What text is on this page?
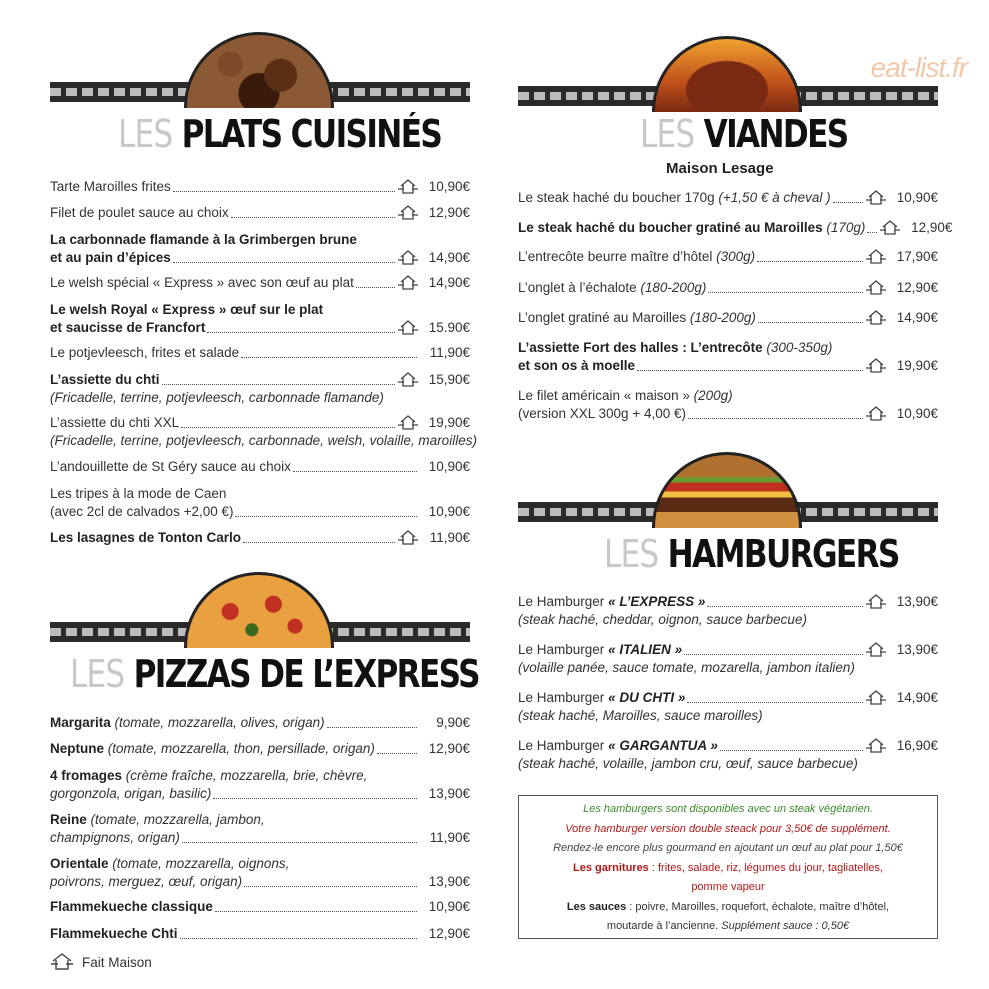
eat-list.fr
LES PLATS CUISINÉS
LES PIZZAS DE L’EXPRESS
Fait Maison
LES VIANDES
Maison Lesage
LES HAMBURGERS
Les hamburgers sont disponibles avec un steak végétarien.
Votre hamburger version double steack pour 3,50€ de supplément.
Rendez-le encore plus gourmand en ajoutant un œuf au plat pour 1,50€
Les garnitures : frites, salade, riz, légumes du jour, tagliatelles,
pomme vapeur
Les sauces : poivre, Maroilles, roquefort, échalote, maître d’hôtel,
moutarde à l’ancienne. Supplément sauce : 0,50€
Tarte Maroilles frites	10,90€
Filet de poulet sauce au choix	12,90€
La carbonnade flamande à la Grimbergen brune
et au pain d’épices	14,90€
Le welsh spécial « Express » avec son œuf au plat	14,90€
Le welsh Royal « Express » œuf sur le plat
et saucisse de Francfort	15.90€
Le potjevleesch, frites et salade	11,90€
L’assiette du chti	15,90€
(Fricadelle, terrine, potjevleesch, carbonnade flamande)
L’assiette du chti XXL	19,90€
(Fricadelle, terrine, potjevleesch, carbonnade, welsh, volaille, maroilles)
L’andouillette de St Géry sauce au choix	10,90€
Les tripes à la mode de Caen
(avec 2cl de calvados +2,00 €)	10,90€
Les lasagnes de Tonton Carlo	11,90€
Margarita (tomate, mozzarella, olives, origan)	9,90€
Neptune (tomate, mozzarella, thon, persillade, origan)	12,90€
4 fromages (crème fraîche, mozzarella, brie, chèvre,
gorgonzola, origan, basilic)	13,90€
Reine (tomate, mozzarella, jambon,
champignons, origan)	11,90€
Orientale (tomate, mozzarella, oignons,
poivrons, merguez, œuf, origan)	13,90€
Flammekueche classique	10,90€
Flammekueche Chti	12,90€
Le steak haché du boucher 170g (+1,50 € à cheval )	10,90€
Le steak haché du boucher gratiné au Maroilles (170g)	12,90€
L’entrecôte beurre maître d’hôtel (300g)	17,90€
L’onglet à l’échalote (180-200g)	12,90€
L’onglet gratiné au Maroilles (180-200g)	14,90€
L’assiette Fort des halles : L’entrecôte (300-350g)
et son os à moelle	19,90€
Le filet américain « maison » (200g)
(version XXL 300g + 4,00 €)	10,90€
Le Hamburger « L’EXPRESS »	13,90€
(steak haché, cheddar, oignon, sauce barbecue)
Le Hamburger « ITALIEN »	13,90€
(volaille panée, sauce tomate, mozarella, jambon italien)
Le Hamburger « DU CHTI »	14,90€
(steak haché, Maroilles, sauce maroilles)
Le Hamburger « GARGANTUA »	16,90€
(steak haché, volaille, jambon cru, œuf, sauce barbecue)
